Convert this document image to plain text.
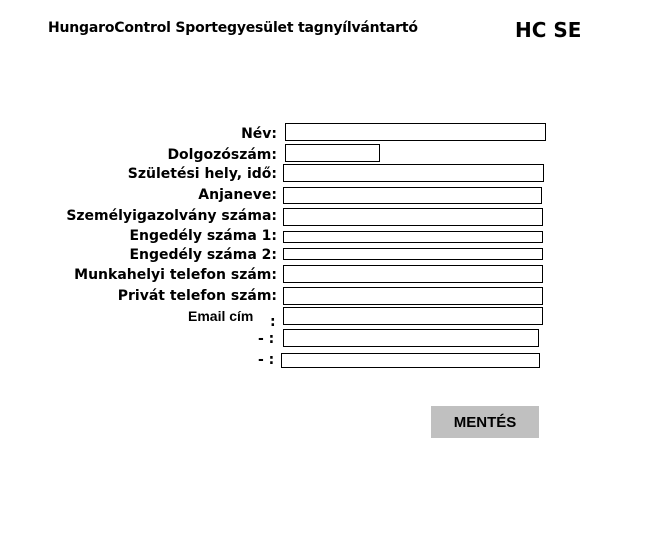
HungaroControl Sportegyesület tagnyílvántartó	HC SE
Név:
Dolgozószám:
Születési hely, idő:
Anjaneve:
Személyigazolvány száma:
Engedély száma 1:
Engedély száma 2:
Munkahelyi telefon szám:
Privát telefon szám:
Email cím :
- :
- :
MENTÉS
